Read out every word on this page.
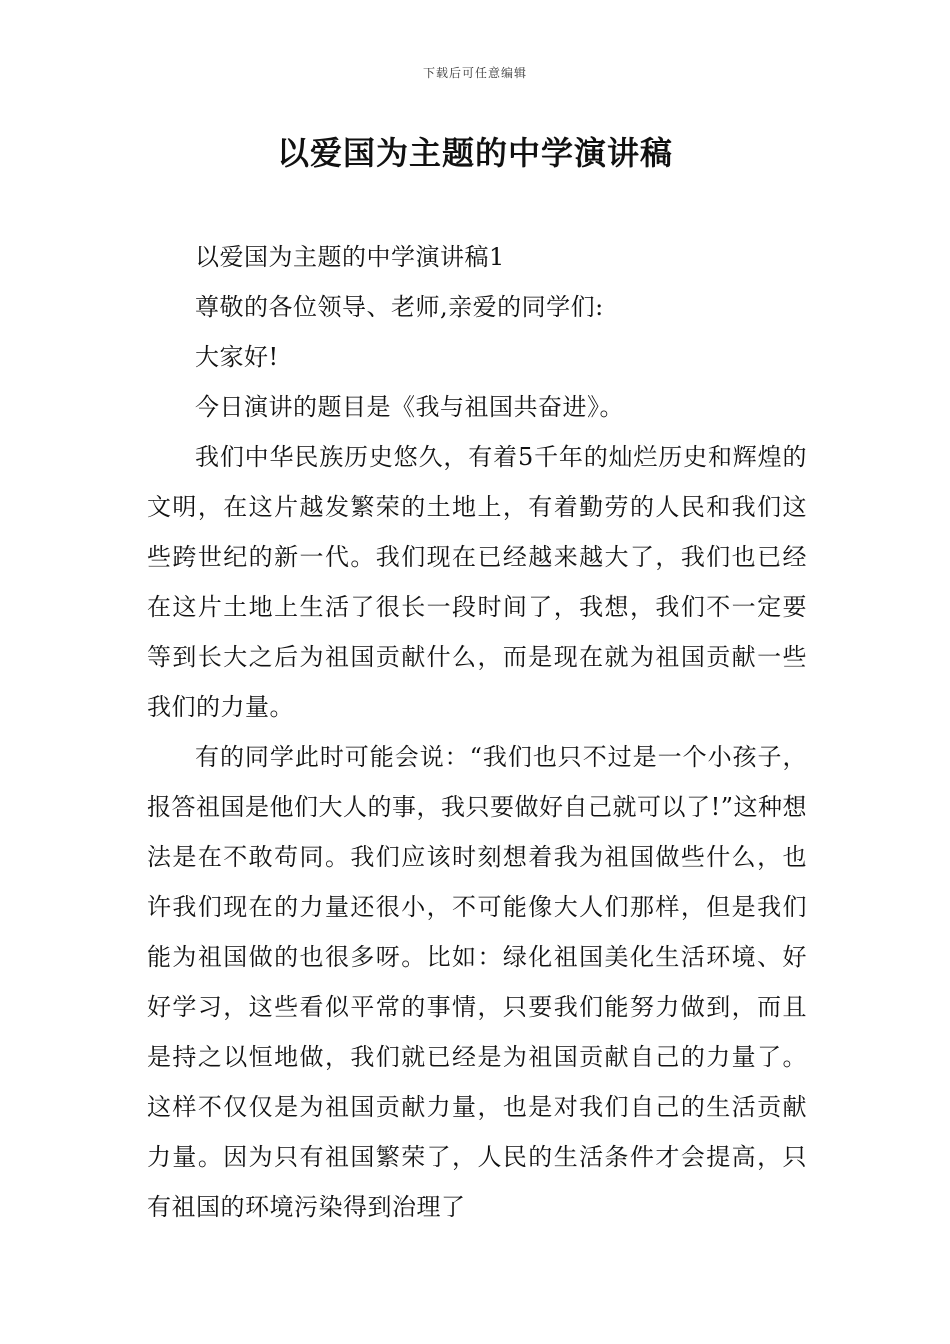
下载后可任意编辑
以爱国为主题的中学演讲稿

以爱国为主题的中学演讲稿1

尊敬的各位领导、老师,亲爱的同学们:

大家好!

今日演讲的题目是《我与祖国共奋进》。

我们中华民族历史悠久，有着5千年的灿烂历史和辉煌的文明，在这片越发繁荣的土地上，有着勤劳的人民和我们这些跨世纪的新一代。我们现在已经越来越大了，我们也已经在这片土地上生活了很长一段时间了，我想，我们不一定要等到长大之后为祖国贡献什么，而是现在就为祖国贡献一些我们的力量。

有的同学此时可能会说：“我们也只不过是一个小孩子，报答祖国是他们大人的事，我只要做好自己就可以了!”这种想法是在不敢苟同。我们应该时刻想着我为祖国做些什么，也许我们现在的力量还很小，不可能像大人们那样，但是我们能为祖国做的也很多呀。比如：绿化祖国美化生活环境、好好学习，这些看似平常的事情，只要我们能努力做到，而且是持之以恒地做，我们就已经是为祖国贡献自己的力量了。这样不仅仅是为祖国贡献力量，也是对我们自己的生活贡献力量。因为只有祖国繁荣了，人民的生活条件才会提高，只有祖国的环境污染得到治理了
